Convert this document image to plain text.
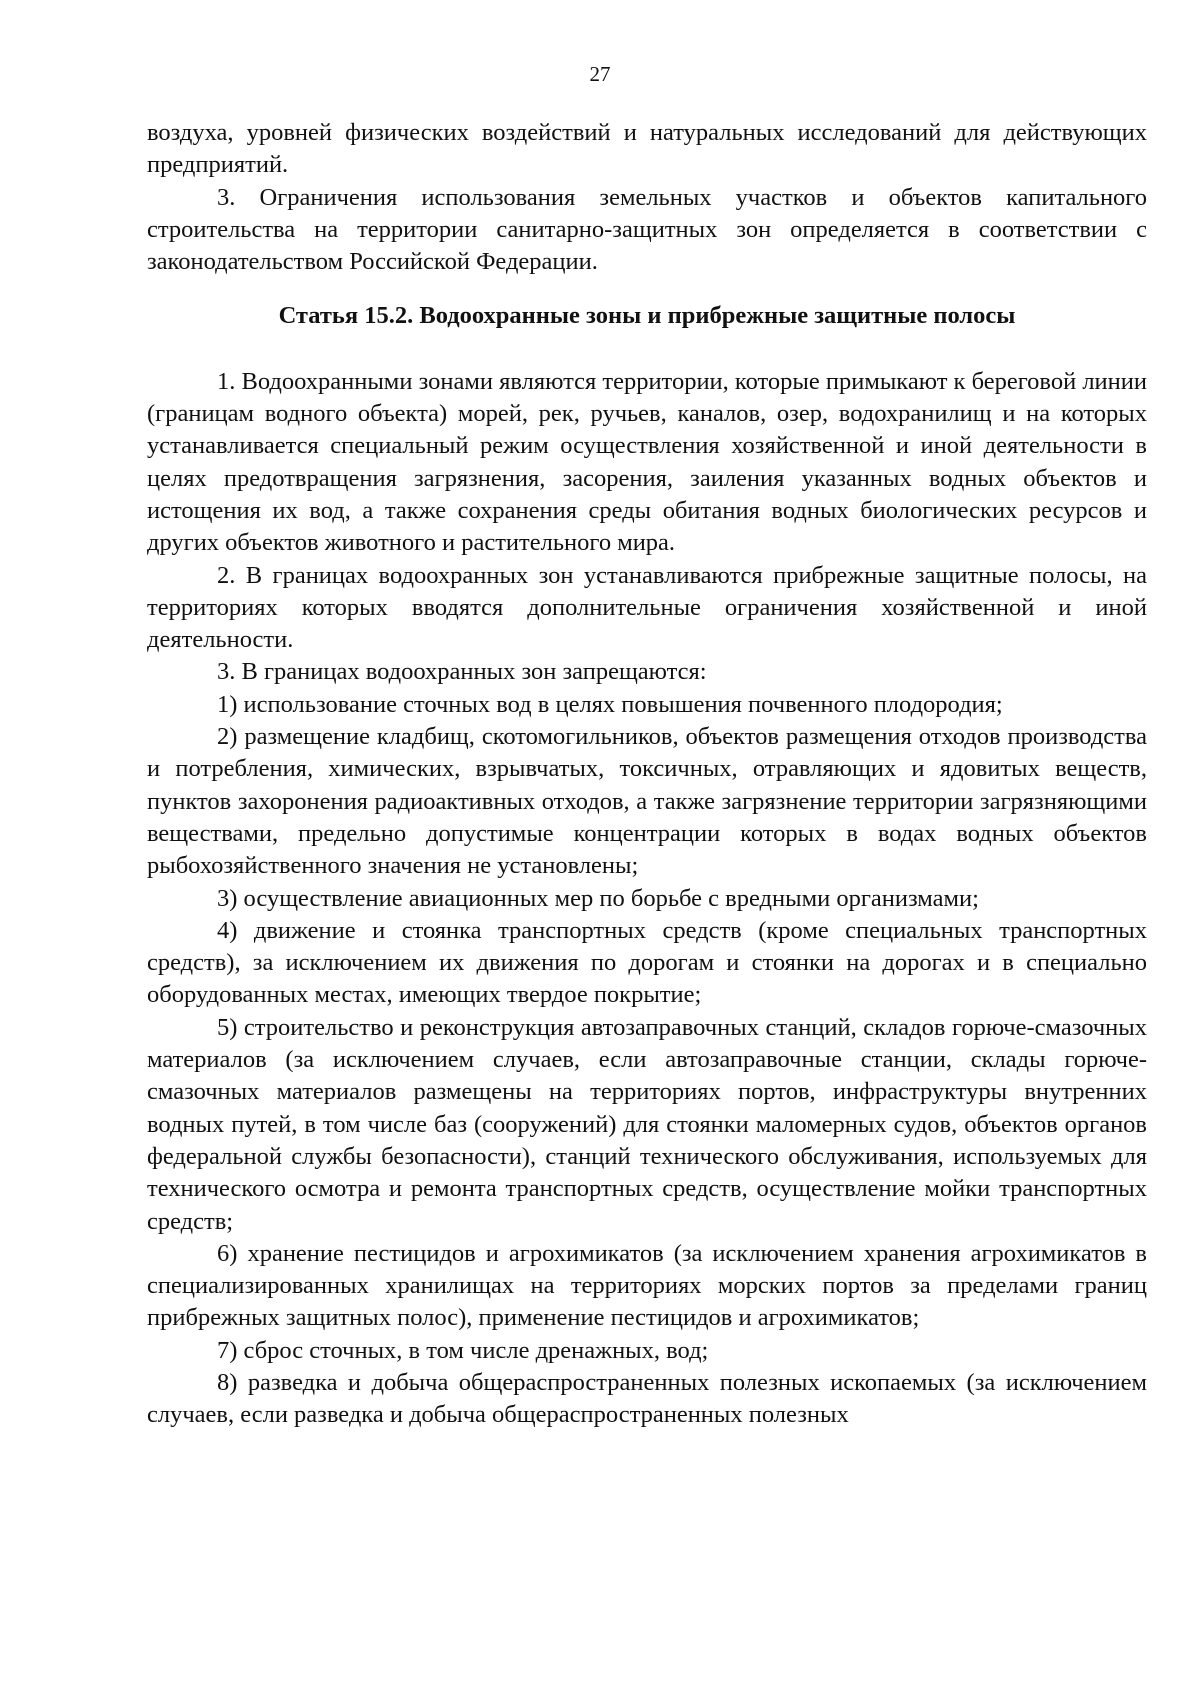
27

воздуха, уровней физических воздействий и натуральных исследований для действующих предприятий.

3. Ограничения использования земельных участков и объектов капитального строительства на территории санитарно-защитных зон определяется в соответствии с законодательством Российской Федерации.

Статья 15.2. Водоохранные зоны и прибрежные защитные полосы

1. Водоохранными зонами являются территории, которые примыкают к береговой линии (границам водного объекта) морей, рек, ручьев, каналов, озер, водохранилищ и на которых устанавливается специальный режим осуществления хозяйственной и иной деятельности в целях предотвращения загрязнения, засорения, заиления указанных водных объектов и истощения их вод, а также сохранения среды обитания водных биологических ресурсов и других объектов животного и растительного мира.

2. В границах водоохранных зон устанавливаются прибрежные защитные полосы, на территориях которых вводятся дополнительные ограничения хозяйственной и иной деятельности.

3. В границах водоохранных зон запрещаются:

1) использование сточных вод в целях повышения почвенного плодородия;

2) размещение кладбищ, скотомогильников, объектов размещения отходов производства и потребления, химических, взрывчатых, токсичных, отравляющих и ядовитых веществ, пунктов захоронения радиоактивных отходов, а также загрязнение территории загрязняющими веществами, предельно допустимые концентрации которых в водах водных объектов рыбохозяйственного значения не установлены;

3) осуществление авиационных мер по борьбе с вредными организмами;

4) движение и стоянка транспортных средств (кроме специальных транспортных средств), за исключением их движения по дорогам и стоянки на дорогах и в специально оборудованных местах, имеющих твердое покрытие;

5) строительство и реконструкция автозаправочных станций, складов горюче-смазочных материалов (за исключением случаев, если автозаправочные станции, склады горюче-смазочных материалов размещены на территориях портов, инфраструктуры внутренних водных путей, в том числе баз (сооружений) для стоянки маломерных судов, объектов органов федеральной службы безопасности), станций технического обслуживания, используемых для технического осмотра и ремонта транспортных средств, осуществление мойки транспортных средств;

6) хранение пестицидов и агрохимикатов (за исключением хранения агрохимикатов в специализированных хранилищах на территориях морских портов за пределами границ прибрежных защитных полос), применение пестицидов и агрохимикатов;

7) сброс сточных, в том числе дренажных, вод;

8) разведка и добыча общераспространенных полезных ископаемых (за исключением случаев, если разведка и добыча общераспространенных полезных
